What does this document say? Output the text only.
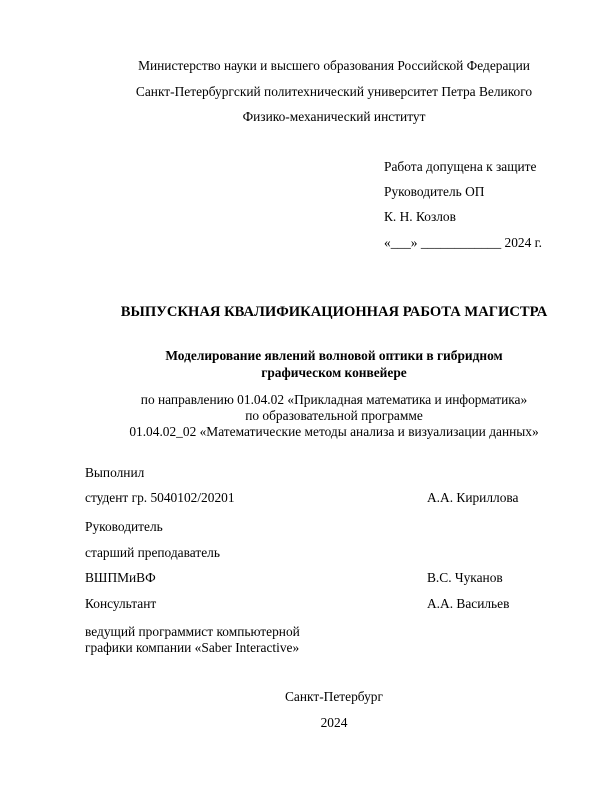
Министерство науки и высшего образования Российской Федерации
Санкт-Петербургский политехнический университет Петра Великого
Физико-механический институт
Работа допущена к защите
Руководитель ОП
К. Н. Козлов
«___» ____________ 2024 г.
ВЫПУСКНАЯ КВАЛИФИКАЦИОННАЯ РАБОТА МАГИСТРА
Моделирование явлений волновой оптики в гибридном
графическом конвейере
по направлению 01.04.02 «Прикладная математика и информатика»
по образовательной программе
01.04.02_02 «Математические методы анализа и визуализации данных»
Выполнил
студент гр. 5040102/20201	А.А. Кириллова
Руководитель
старший преподаватель
ВШПМиВФ	В.С. Чуканов
Консультант	А.А. Васильев
ведущий программист компьютерной
графики компании «Saber Interactive»
Санкт-Петербург
2024
